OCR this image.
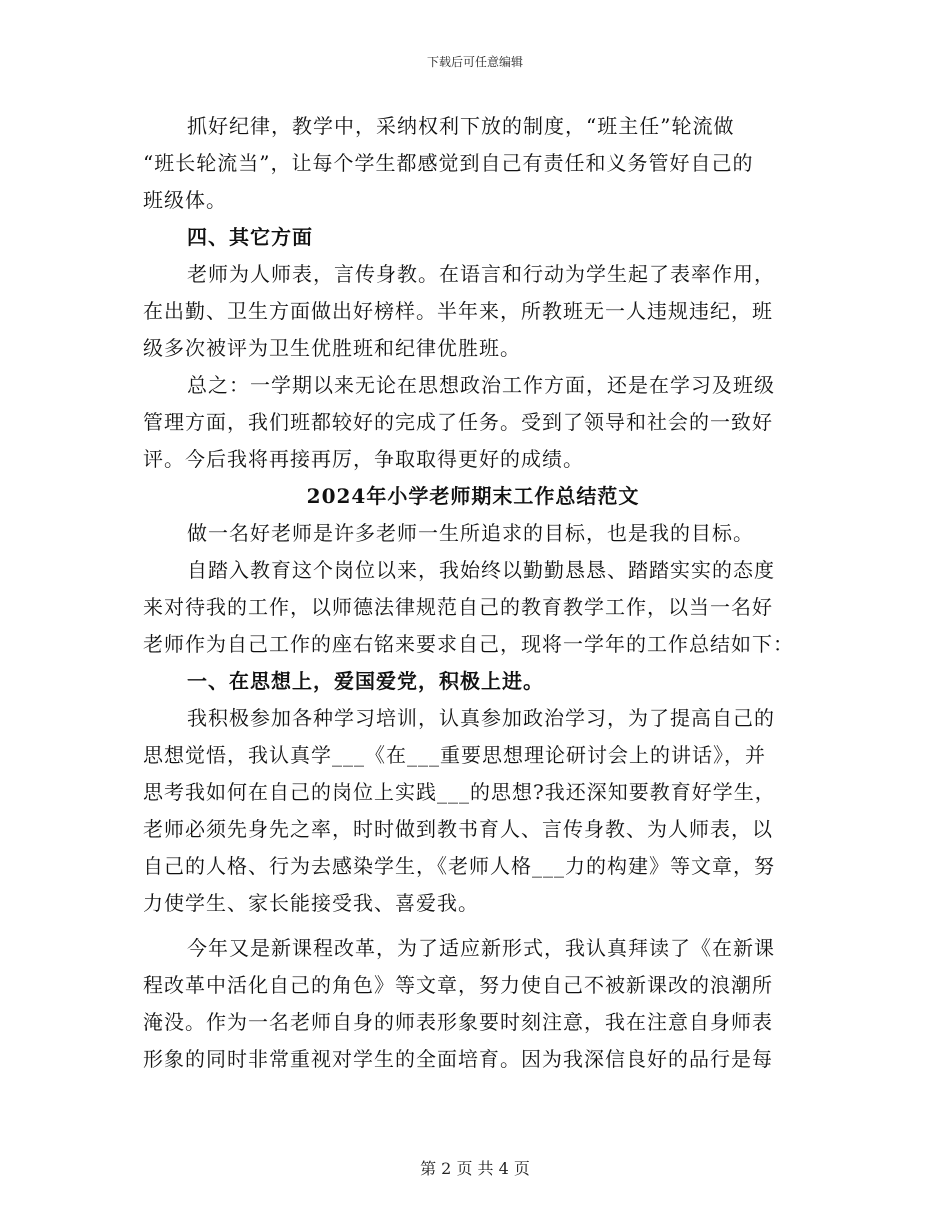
下载后可任意编辑

抓好纪律，教学中，采纳权利下放的制度，“班主任”轮流做

“班长轮流当”，让每个学生都感觉到自己有责任和义务管好自己的

班级体。

四、其它方面

老师为人师表，言传身教。在语言和行动为学生起了表率作用，

在出勤、卫生方面做出好榜样。半年来，所教班无一人违规违纪，班

级多次被评为卫生优胜班和纪律优胜班。

总之：一学期以来无论在思想政治工作方面，还是在学习及班级

管理方面，我们班都较好的完成了任务。受到了领导和社会的一致好

评。今后我将再接再厉，争取取得更好的成绩。

2024年小学老师期末工作总结范文

做一名好老师是许多老师一生所追求的目标，也是我的目标。

自踏入教育这个岗位以来，我始终以勤勤恳恳、踏踏实实的态度

来对待我的工作，以师德法律规范自己的教育教学工作，以当一名好

老师作为自己工作的座右铭来要求自己，现将一学年的工作总结如下：

一、在思想上，爱国爱党，积极上进。

我积极参加各种学习培训，认真参加政治学习，为了提高自己的

思想觉悟，我认真学___《在___重要思想理论研讨会上的讲话》，并

思考我如何在自己的岗位上实践___的思想?我还深知要教育好学生，

老师必须先身先之率，时时做到教书育人、言传身教、为人师表，以

自己的人格、行为去感染学生，《老师人格___力的构建》等文章，努

力使学生、家长能接受我、喜爱我。

今年又是新课程改革，为了适应新形式，我认真拜读了《在新课

程改革中活化自己的角色》等文章，努力使自己不被新课改的浪潮所

淹没。作为一名老师自身的师表形象要时刻注意，我在注意自身师表

形象的同时非常重视对学生的全面培育。因为我深信良好的品行是每

第 2 页 共 4 页
